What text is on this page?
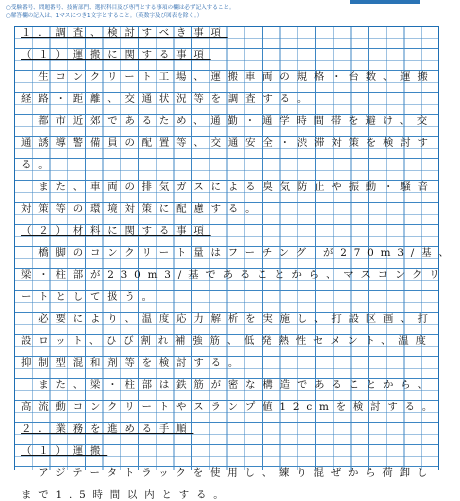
○受験番号、問題番号、技術部門、選択科目及び専門とする事項の欄は必ず記入すること。
○解答欄の記入は、1マスにつき1文字とすること。（英数字及び図表を除く。）
１．調査、検討すべき事項
（１）運搬に関する事項
　生コンクリート工場、運搬車両の規格・台数、運搬
経路・距離、交通状況等を調査する。
　都市近郊であるため、通勤・通学時間帯を避け、交
通誘導警備員の配置等、交通安全・渋滞対策を検討す
る。
　また、車両の排気ガスによる臭気防止や振動・騒音
対策等の環境対策に配慮する。
（２）材料に関する事項
　橋脚のコンクリート量はフーチング が270m3/基、
梁・柱部が230m3/基であることから、マスコンクリ
ートとして扱う。
　必要により、温度応力解析を実施し、打設区画、打
設ロット、ひび割れ補強筋、低発熱性セメント、温度
抑制型混和剤等を検討する。
　また、梁・柱部は鉄筋が密な構造であることから、
高流動コンクリートやスランプ値12cmを検討する。
２．業務を進める手順
（１）運搬
　アジテータトラックを使用し、練り混ぜから荷卸し
まで1.5時間以内とする。
